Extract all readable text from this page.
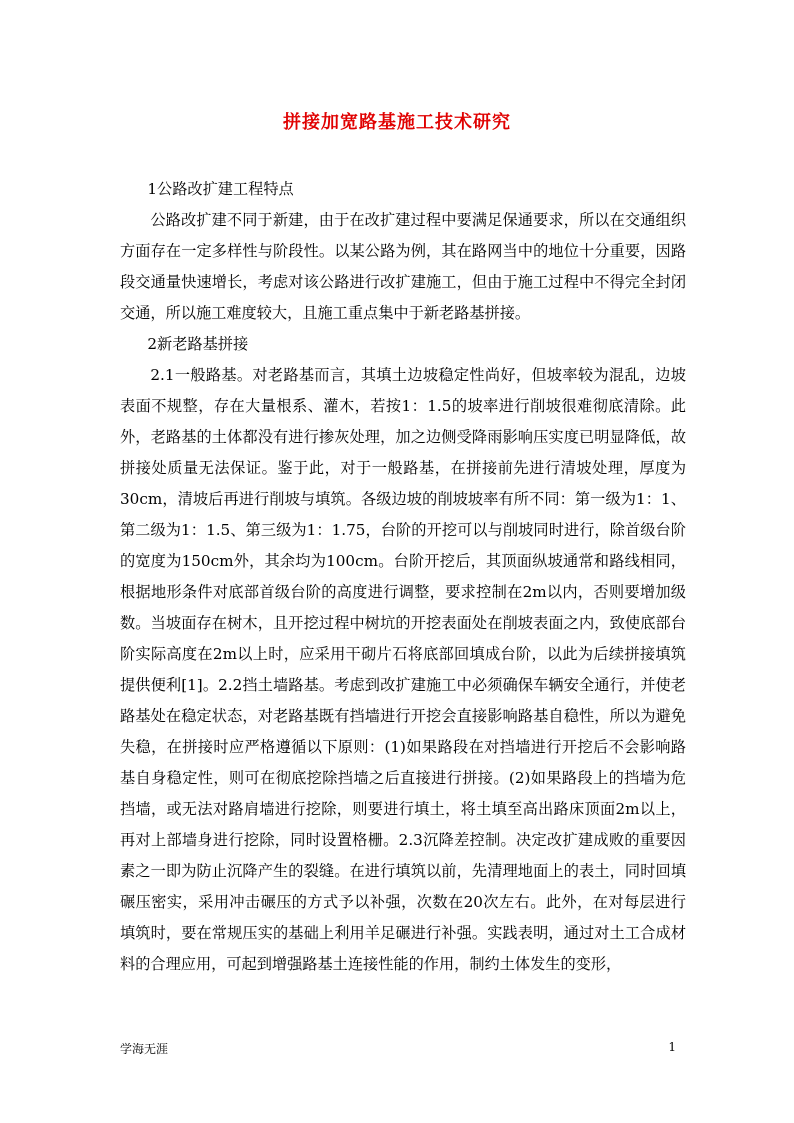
拼接加宽路基施工技术研究

1公路改扩建工程特点

公路改扩建不同于新建，由于在改扩建过程中要满足保通要求，所以在交通组织方面存在一定多样性与阶段性。以某公路为例，其在路网当中的地位十分重要，因路段交通量快速增长，考虑对该公路进行改扩建施工，但由于施工过程中不得完全封闭交通，所以施工难度较大，且施工重点集中于新老路基拼接。

2新老路基拼接

2.1一般路基。对老路基而言，其填土边坡稳定性尚好，但坡率较为混乱，边坡表面不规整，存在大量根系、灌木，若按1：1.5的坡率进行削坡很难彻底清除。此外，老路基的土体都没有进行掺灰处理，加之边侧受降雨影响压实度已明显降低，故拼接处质量无法保证。鉴于此，对于一般路基，在拼接前先进行清坡处理，厚度为30cm，清坡后再进行削坡与填筑。各级边坡的削坡坡率有所不同：第一级为1：1、第二级为1：1.5、第三级为1：1.75，台阶的开挖可以与削坡同时进行，除首级台阶的宽度为150cm外，其余均为100cm。台阶开挖后，其顶面纵坡通常和路线相同，根据地形条件对底部首级台阶的高度进行调整，要求控制在2m以内，否则要增加级数。当坡面存在树木，且开挖过程中树坑的开挖表面处在削坡表面之内，致使底部台阶实际高度在2m以上时，应采用干砌片石将底部回填成台阶，以此为后续拼接填筑提供便利[1]。2.2挡土墙路基。考虑到改扩建施工中必须确保车辆安全通行，并使老路基处在稳定状态，对老路基既有挡墙进行开挖会直接影响路基自稳性，所以为避免失稳，在拼接时应严格遵循以下原则：(1)如果路段在对挡墙进行开挖后不会影响路基自身稳定性，则可在彻底挖除挡墙之后直接进行拼接。(2)如果路段上的挡墙为危挡墙，或无法对路肩墙进行挖除，则要进行填土，将土填至高出路床顶面2m以上，再对上部墙身进行挖除，同时设置格栅。2.3沉降差控制。决定改扩建成败的重要因素之一即为防止沉降产生的裂缝。在进行填筑以前，先清理地面上的表土，同时回填碾压密实，采用冲击碾压的方式予以补强，次数在20次左右。此外，在对每层进行填筑时，要在常规压实的基础上利用羊足碾进行补强。实践表明，通过对土工合成材料的合理应用，可起到增强路基土连接性能的作用，制约土体发生的变形，

学海无涯	1
